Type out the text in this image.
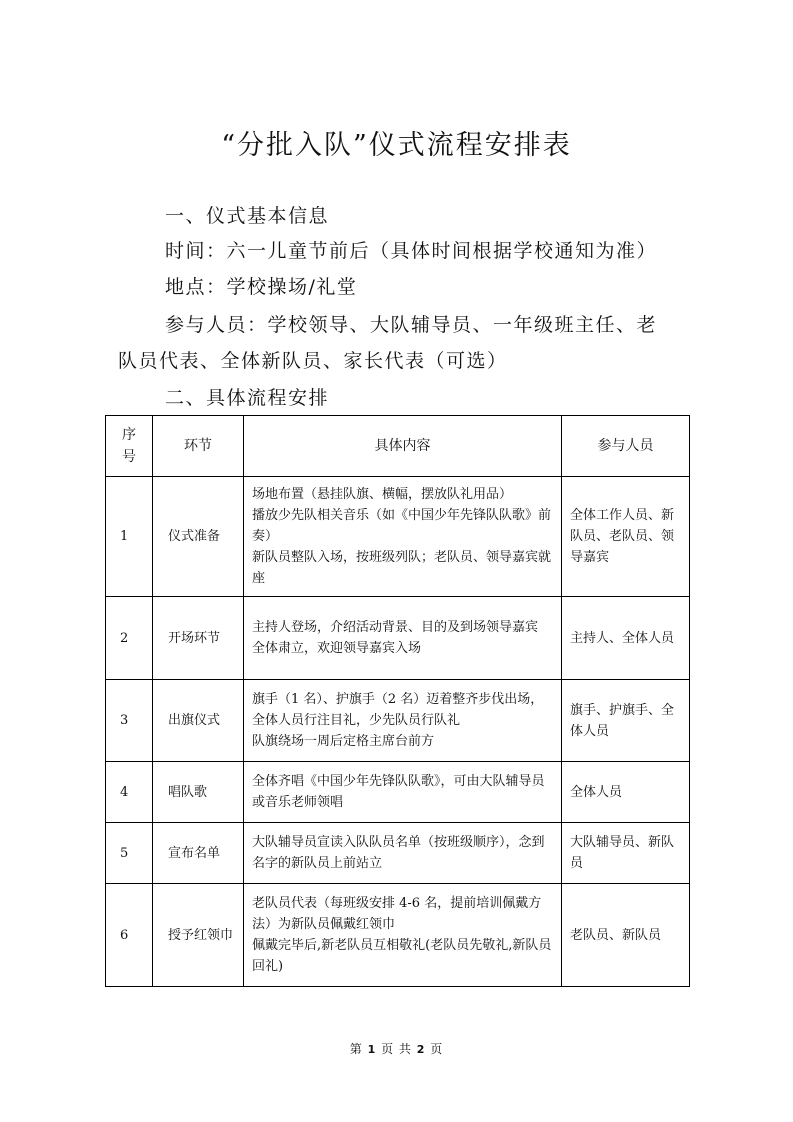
“分批入队”仪式流程安排表
一、仪式基本信息
时间：六一儿童节前后（具体时间根据学校通知为准）
地点：学校操场/礼堂
参与人员：学校领导、大队辅导员、一年级班主任、老
队员代表、全体新队员、家长代表（可选）
二、具体流程安排
序
号	环节	具体内容	参与人员
1	仪式准备	场地布置（悬挂队旗、横幅，摆放队礼用品）
播放少先队相关音乐（如《中国少年先锋队队歌》前奏）
新队员整队入场，按班级列队；老队员、领导嘉宾就座	全体工作人员、新队员、老队员、领导嘉宾
2	开场环节	主持人登场，介绍活动背景、目的及到场领导嘉宾
全体肃立，欢迎领导嘉宾入场	主持人、全体人员
3	出旗仪式	旗手（1 名）、护旗手（2 名）迈着整齐步伐出场，全体人员行注目礼，少先队员行队礼
队旗绕场一周后定格主席台前方	旗手、护旗手、全体人员
4	唱队歌	全体齐唱《中国少年先锋队队歌》，可由大队辅导员或音乐老师领唱	全体人员
5	宣布名单	大队辅导员宣读入队队员名单（按班级顺序），念到名字的新队员上前站立	大队辅导员、新队员
6	授予红领巾	老队员代表（每班级安排 4-6 名，提前培训佩戴方法）为新队员佩戴红领巾
佩戴完毕后,新老队员互相敬礼(老队员先敬礼,新队员回礼)	老队员、新队员
第 1 页 共 2 页
